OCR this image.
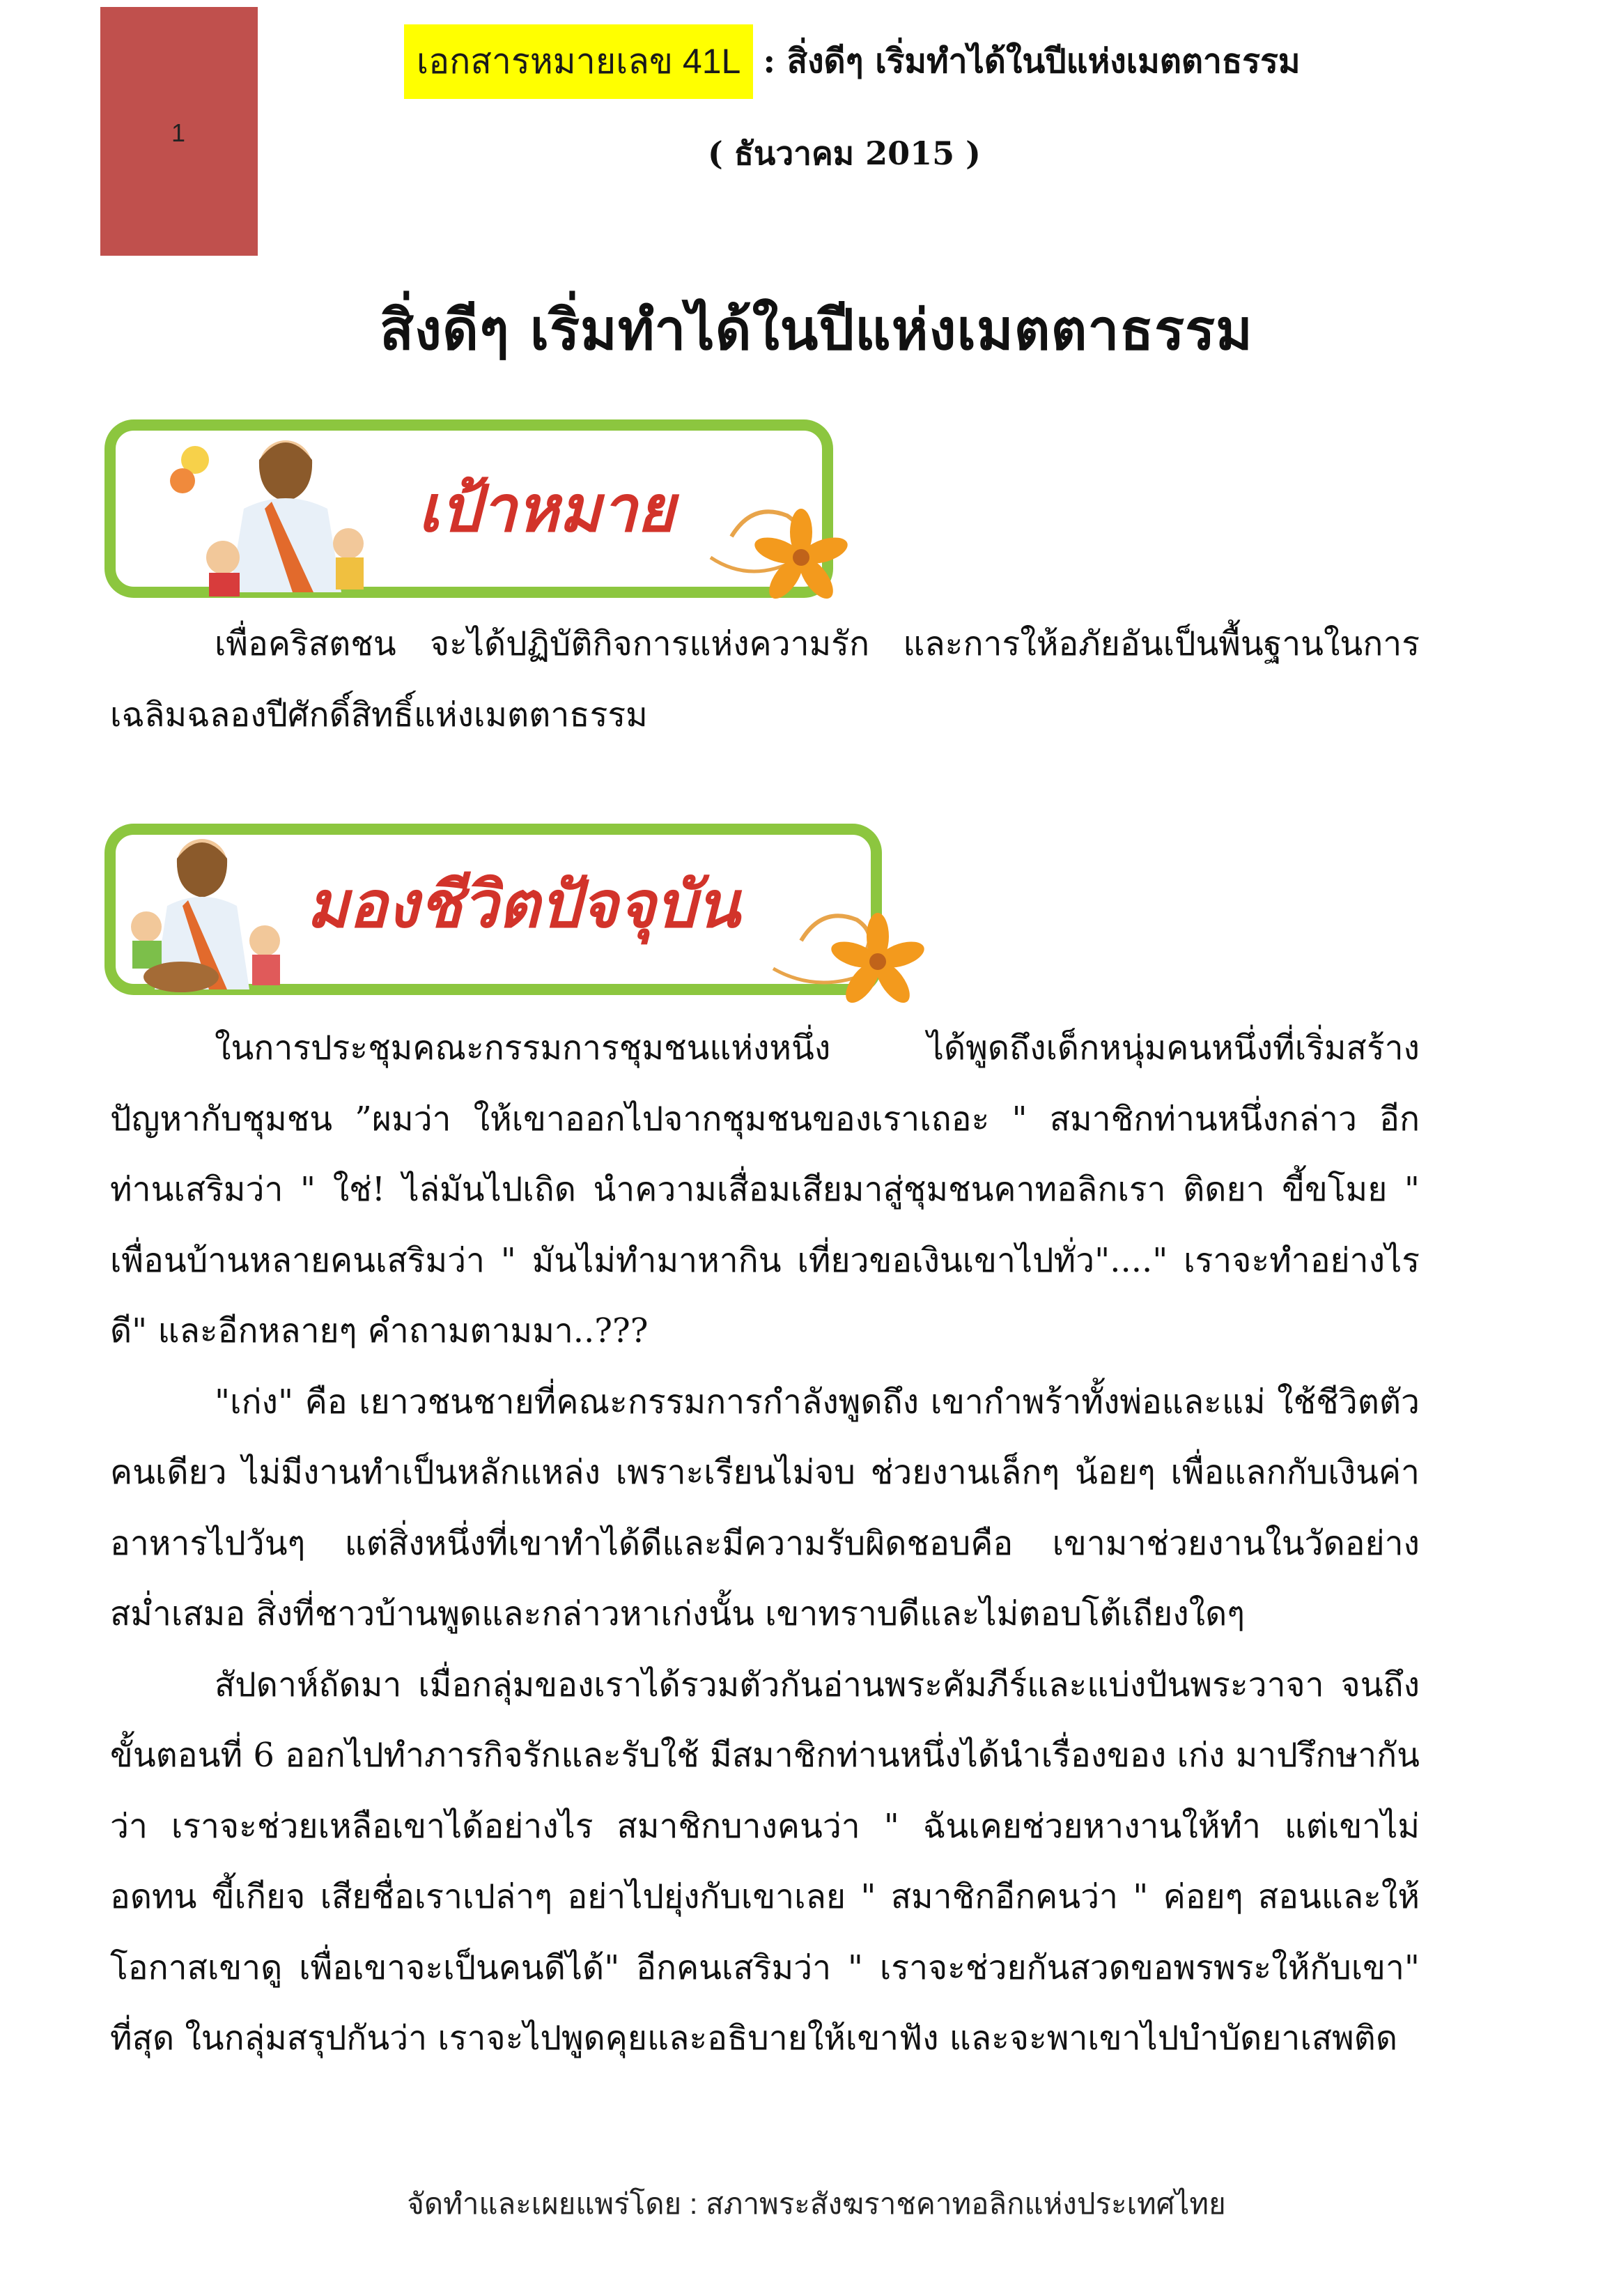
1
เอกสารหมายเลข 41L : สิ่งดีๆ เริ่มทำได้ในปีแห่งเมตตาธรรม
( ธันวาคม 2015 )
สิ่งดีๆ เริ่มทำได้ในปีแห่งเมตตาธรรม
เป้าหมาย

เพื่อคริสตชน จะได้ปฏิบัติกิจการแห่งความรัก และการให้อภัยอันเป็นพื้นฐานในการเฉลิมฉลองปีศักดิ์สิทธิ์แห่งเมตตาธรรม

มองชีวิตปัจจุบัน

ในการประชุมคณะกรรมการชุมชนแห่งหนึ่ง ได้พูดถึงเด็กหนุ่มคนหนึ่งที่เริ่มสร้างปัญหากับชุมชน ”ผมว่า ให้เขาออกไปจากชุมชนของเราเถอะ " สมาชิกท่านหนึ่งกล่าว อีกท่านเสริมว่า " ใช่! ไล่มันไปเถิด นำความเสื่อมเสียมาสู่ชุมชนคาทอลิกเรา ติดยา ขี้ขโมย " เพื่อนบ้านหลายคนเสริมว่า " มันไม่ทำมาหากิน เที่ยวขอเงินเขาไปทั่ว"...." เราจะทำอย่างไรดี" และอีกหลายๆ คำถามตามมา..???

"เก่ง" คือ เยาวชนชายที่คณะกรรมการกำลังพูดถึง เขากำพร้าทั้งพ่อและแม่ ใช้ชีวิตตัวคนเดียว ไม่มีงานทำเป็นหลักแหล่ง เพราะเรียนไม่จบ ช่วยงานเล็กๆ น้อยๆ เพื่อแลกกับเงินค่าอาหารไปวันๆ แต่สิ่งหนึ่งที่เขาทำได้ดีและมีความรับผิดชอบคือ เขามาช่วยงานในวัดอย่างสม่ำเสมอ สิ่งที่ชาวบ้านพูดและกล่าวหาเก่งนั้น เขาทราบดีและไม่ตอบโต้เถียงใดๆ

สัปดาห์ถัดมา เมื่อกลุ่มของเราได้รวมตัวกันอ่านพระคัมภีร์และแบ่งปันพระวาจา จนถึงขั้นตอนที่ 6 ออกไปทำภารกิจรักและรับใช้ มีสมาชิกท่านหนึ่งได้นำเรื่องของ เก่ง มาปรึกษากันว่า เราจะช่วยเหลือเขาได้อย่างไร สมาชิกบางคนว่า " ฉันเคยช่วยหางานให้ทำ แต่เขาไม่อดทน ขี้เกียจ เสียชื่อเราเปล่าๆ อย่าไปยุ่งกับเขาเลย " สมาชิกอีกคนว่า " ค่อยๆ สอนและให้โอกาสเขาดู เพื่อเขาจะเป็นคนดีได้" อีกคนเสริมว่า " เราจะช่วยกันสวดขอพรพระให้กับเขา" ที่สุด ในกลุ่มสรุปกันว่า เราจะไปพูดคุยและอธิบายให้เขาฟัง และจะพาเขาไปบำบัดยาเสพติด

จัดทำและเผยแพร่โดย : สภาพระสังฆราชคาทอลิกแห่งประเทศไทย
